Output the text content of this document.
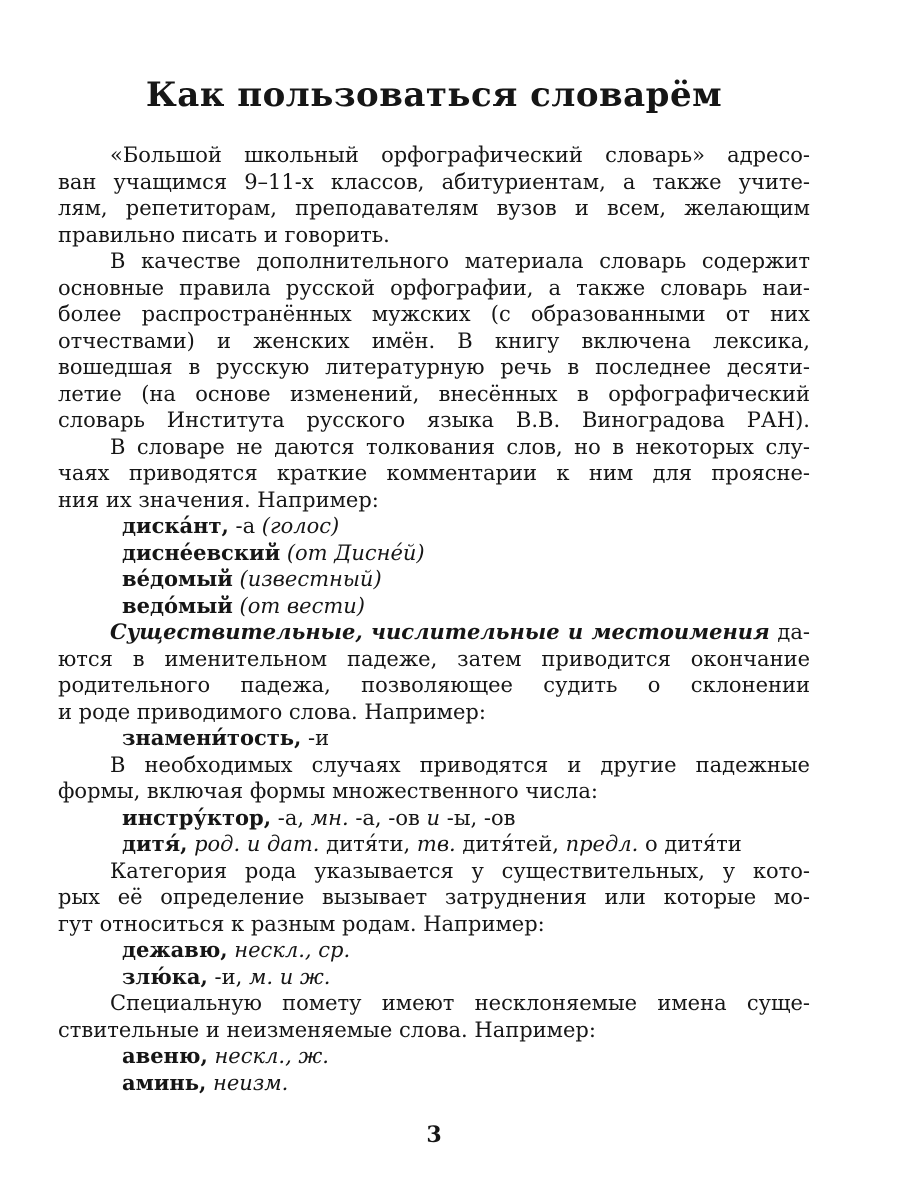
Как пользоваться словарём
«Большой школьный орфографический словарь» адресо-
ван учащимся 9–11-х классов, абитуриентам, а также учите-
лям, репетиторам, преподавателям вузов и всем, желающим
правильно писать и говорить.
В качестве дополнительного материала словарь содержит
основные правила русской орфографии, а также словарь наи-
более распространённых мужских (с образованными от них
отчествами) и женских имён. В книгу включена лексика,
вошедшая в русскую литературную речь в последнее десяти-
летие (на основе изменений, внесённых в орфографический
словарь Института русского языка В.В. Виноградова РАН).
В словаре не даются толкования слов, но в некоторых слу-
чаях приводятся краткие комментарии к ним для проясне-
ния их значения. Например:
диска́нт, -а (голос)
дисне́евский (от Дисне́й)
ве́домый (известный)
ведо́мый (от вести)
Существительные, числительные и местоимения да-
ются в именительном падеже, затем приводится окончание
родительного падежа, позволяющее судить о склонении
и роде приводимого слова. Например:
знамени́тость, -и
В необходимых случаях приводятся и другие падежные
формы, включая формы множественного числа:
инстру́ктор, -а, мн. -а, -ов и -ы, -ов
дитя́, род. и дат. дитя́ти, тв. дитя́тей, предл. о дитя́ти
Категория рода указывается у существительных, у кото-
рых её определение вызывает затруднения или которые мо-
гут относиться к разным родам. Например:
дежавю, нескл., ср.
злю́ка, -и, м. и ж.
Специальную помету имеют несклоняемые имена суще-
ствительные и неизменяемые слова. Например:
авеню, нескл., ж.
аминь, неизм.
3
